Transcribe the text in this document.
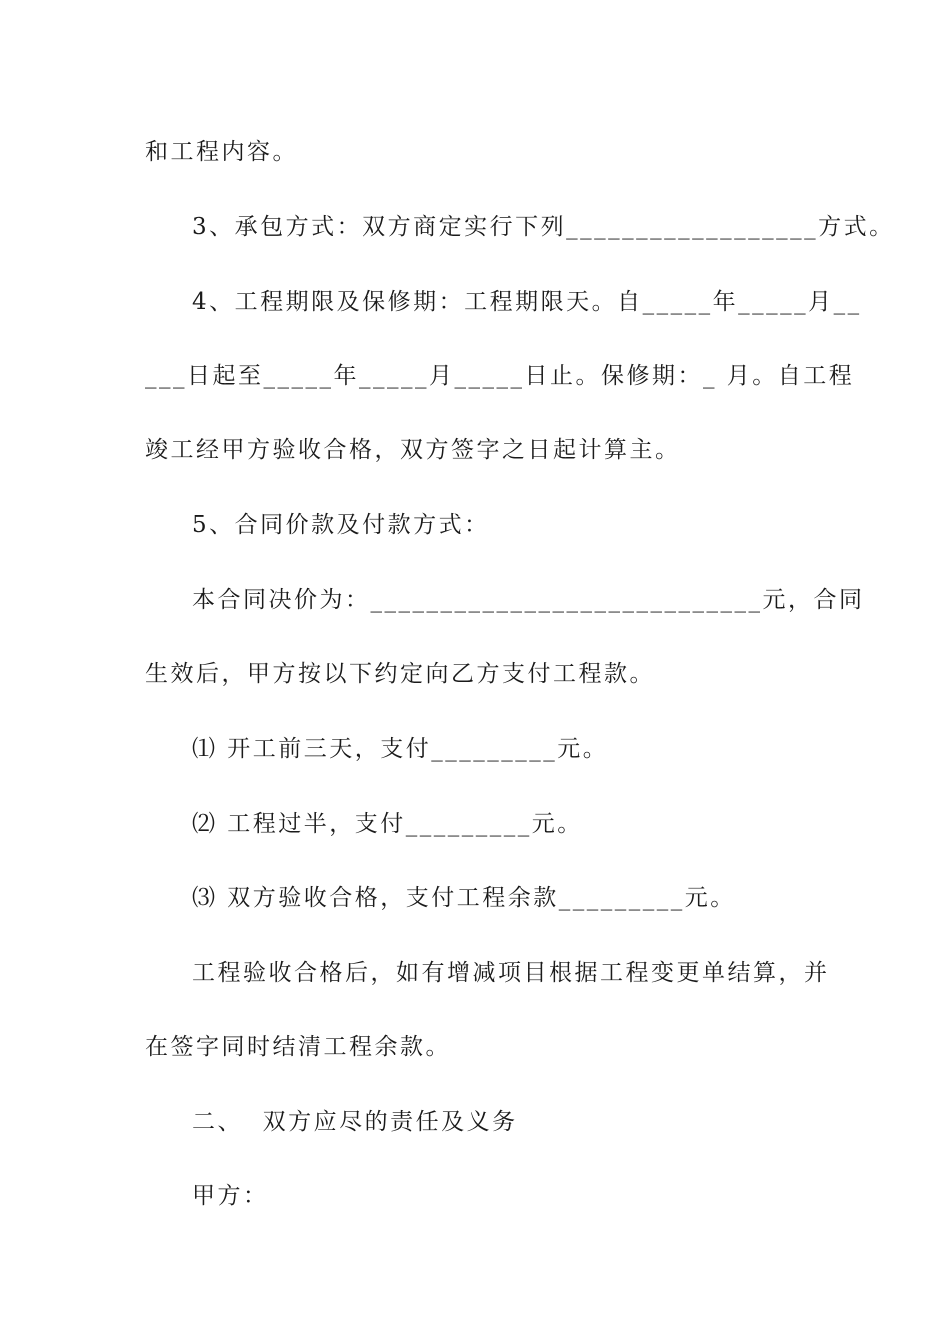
和工程内容。
3、承包方式：双方商定实行下列__________________方式。
4、工程期限及保修期：工程期限天。自_____年_____月__
___日起至_____年_____月_____日止。保修期：_ 月。自工程
竣工经甲方验收合格，双方签字之日起计算主。
5、合同价款及付款方式：
本合同决价为：____________________________元，合同
生效后，甲方按以下约定向乙方支付工程款。
⑴ 开工前三天，支付_________元。
⑵ 工程过半，支付_________元。
⑶ 双方验收合格，支付工程余款_________元。
工程验收合格后，如有增减项目根据工程变更单结算，并
在签字同时结清工程余款。
二、  双方应尽的责任及义务
甲方：
